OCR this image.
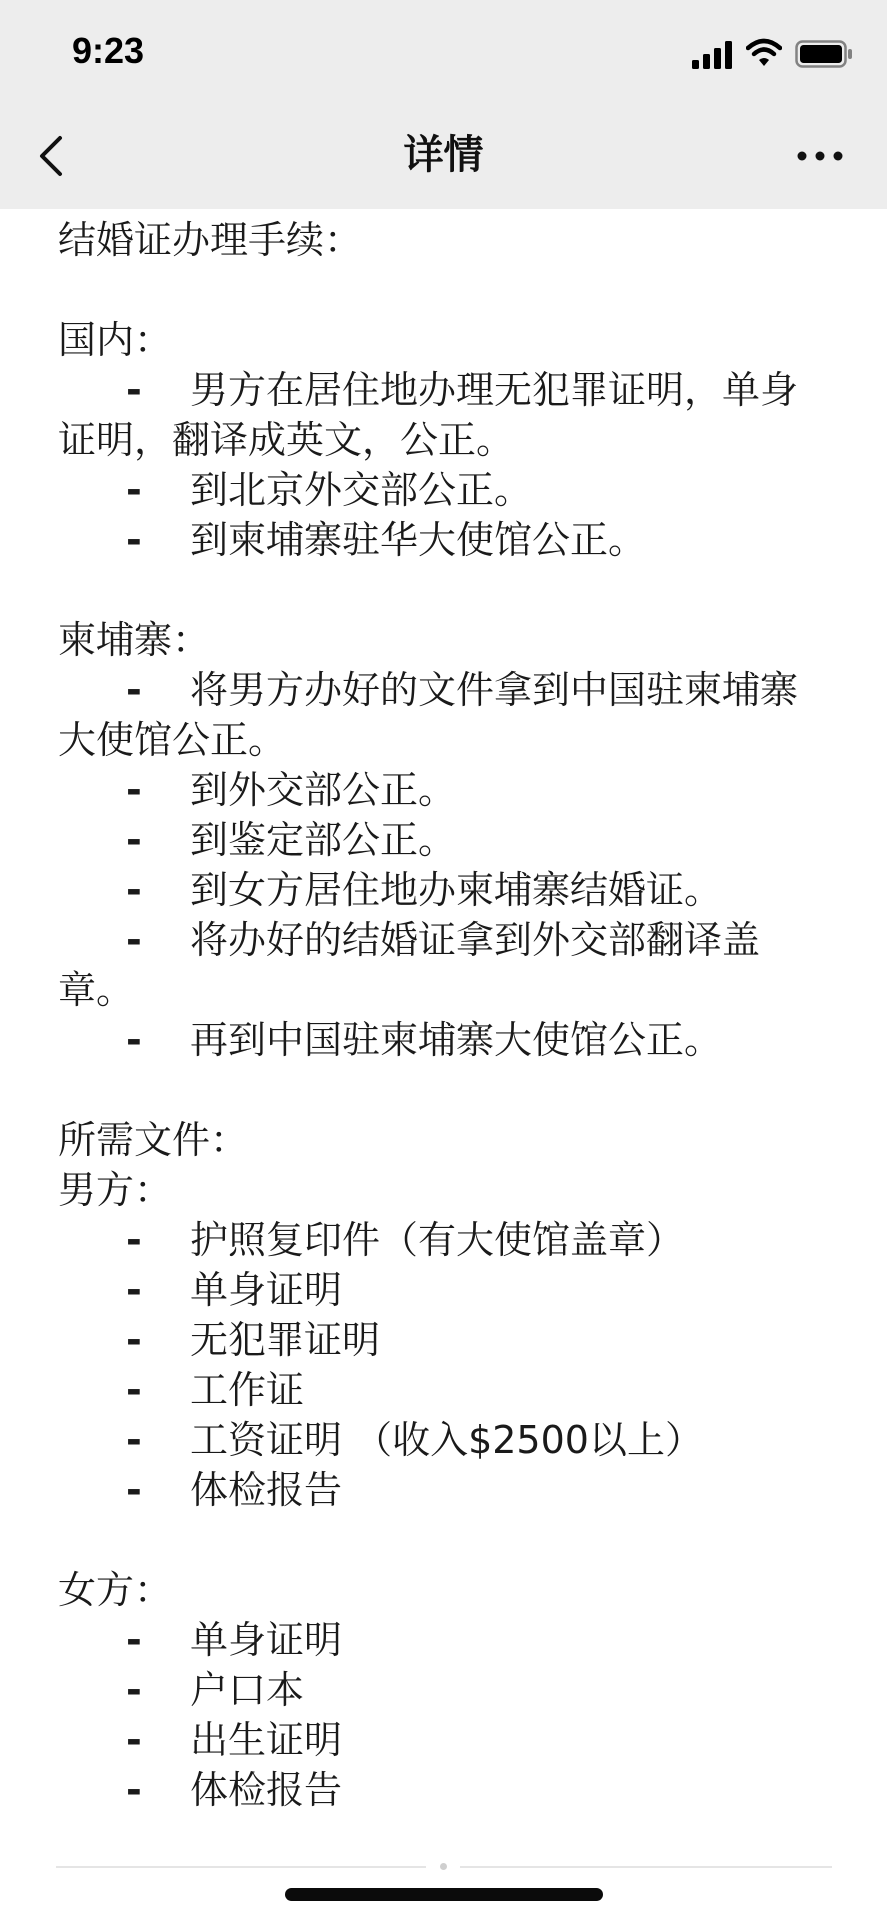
9:23
详情
结婚证办理手续：
国内：
-	男方在居住地办理无犯罪证明，单身证明，翻译成英文，公正。
-	到北京外交部公正。
-	到柬埔寨驻华大使馆公正。
柬埔寨：
-	将男方办好的文件拿到中国驻柬埔寨大使馆公正。
-	到外交部公正。
-	到鉴定部公正。
-	到女方居住地办柬埔寨结婚证。
-	将办好的结婚证拿到外交部翻译盖章。
-	再到中国驻柬埔寨大使馆公正。
所需文件：
男方：
-	护照复印件（有大使馆盖章）
-	单身证明
-	无犯罪证明
-	工作证
-	工资证明 （收入$2500以上）
-	体检报告
女方：
-	单身证明
-	户口本
-	出生证明
-	体检报告
